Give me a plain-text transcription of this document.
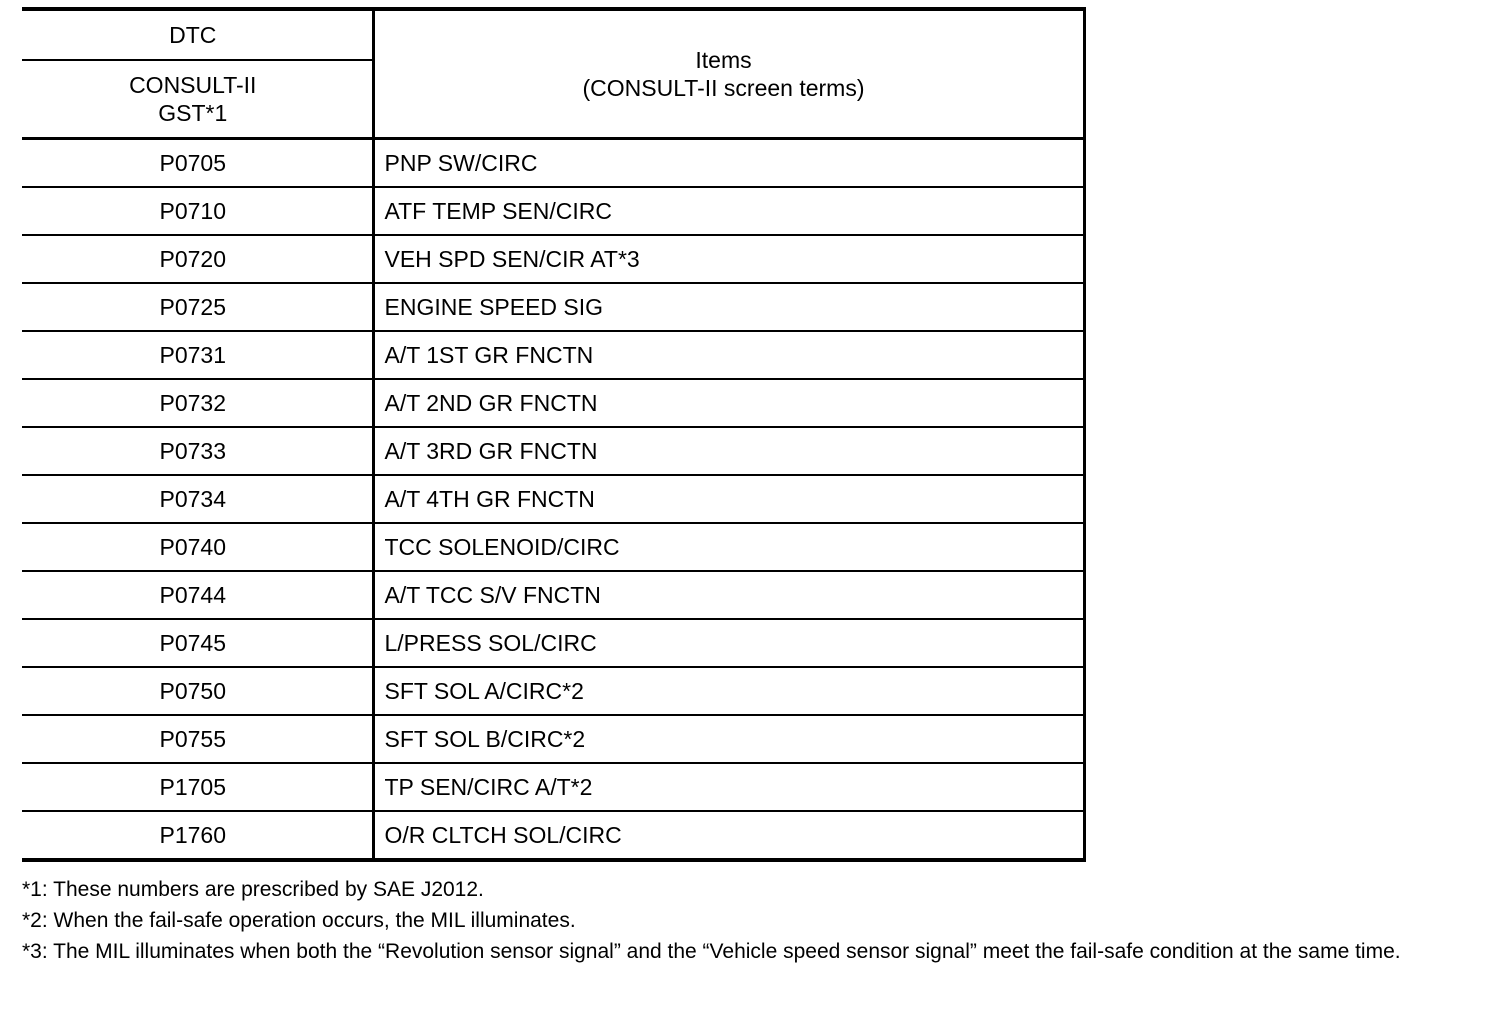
DTC	Items
(CONSULT-II screen terms)

CONSULT-II
GST*1	

P0705	PNP SW/CIRC
P0710	ATF TEMP SEN/CIRC
P0720	VEH SPD SEN/CIR AT*3
P0725	ENGINE SPEED SIG
P0731	A/T 1ST GR FNCTN
P0732	A/T 2ND GR FNCTN
P0733	A/T 3RD GR FNCTN
P0734	A/T 4TH GR FNCTN
P0740	TCC SOLENOID/CIRC
P0744	A/T TCC S/V FNCTN
P0745	L/PRESS SOL/CIRC
P0750	SFT SOL A/CIRC*2
P0755	SFT SOL B/CIRC*2
P1705	TP SEN/CIRC A/T*2
P1760	O/R CLTCH SOL/CIRC
*1: These numbers are prescribed by SAE J2012.
*2: When the fail-safe operation occurs, the MIL illuminates.
*3: The MIL illuminates when both the “Revolution sensor signal” and the “Vehicle speed sensor signal” meet the fail-safe condition at the same time.
